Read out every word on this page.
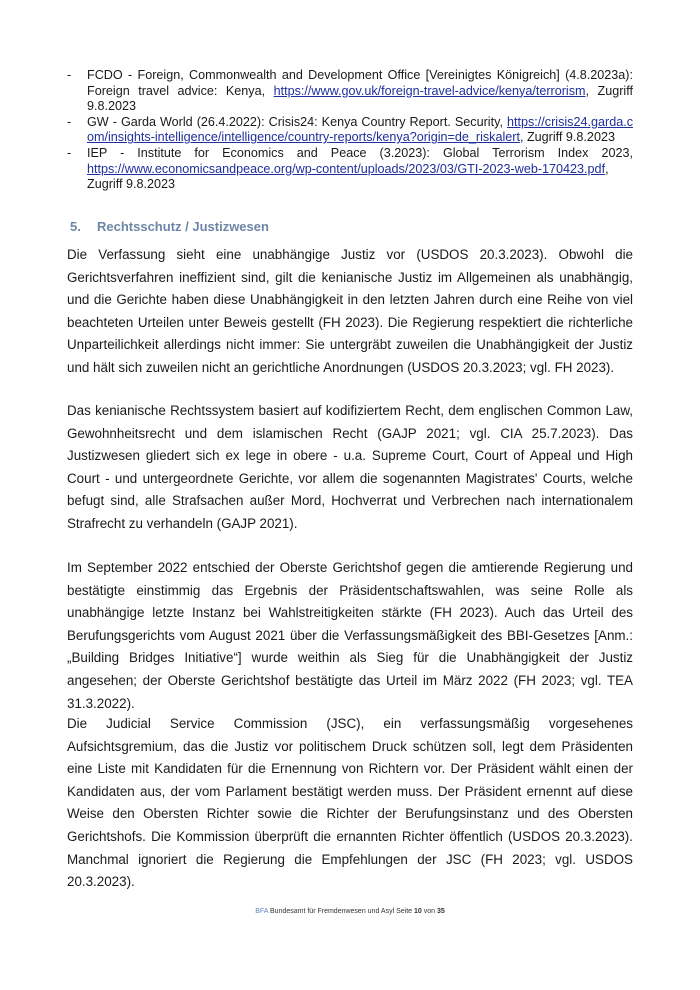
- FCDO - Foreign, Commonwealth and Development Office [Vereinigtes Königreich] (4.8.2023a): Foreign travel advice: Kenya, https://www.gov.uk/foreign-travel-advice/kenya/terrorism, Zugriff 9.8.2023
- GW - Garda World (26.4.2022): Crisis24: Kenya Country Report. Security, https://crisis24.garda.com/insights-intelligence/intelligence/country-reports/kenya?origin=de_riskalert, Zugriff 9.8.2023
- IEP - Institute for Economics and Peace (3.2023): Global Terrorism Index 2023, https://www.economicsandpeace.org/wp-content/uploads/2023/03/GTI-2023-web-170423.pdf, Zugriff 9.8.2023
5. Rechtsschutz / Justizwesen

Die Verfassung sieht eine unabhängige Justiz vor (USDOS 20.3.2023). Obwohl die Gerichtsverfahren ineffizient sind, gilt die kenianische Justiz im Allgemeinen als unabhängig, und die Gerichte haben diese Unabhängigkeit in den letzten Jahren durch eine Reihe von viel beachteten Urteilen unter Beweis gestellt (FH 2023). Die Regierung respektiert die richterliche Unparteilichkeit allerdings nicht immer: Sie untergräbt zuweilen die Unabhängigkeit der Justiz und hält sich zuweilen nicht an gerichtliche Anordnungen (USDOS 20.3.2023; vgl. FH 2023).

Das kenianische Rechtssystem basiert auf kodifiziertem Recht, dem englischen Common Law, Gewohnheitsrecht und dem islamischen Recht (GAJP 2021; vgl. CIA 25.7.2023). Das Justizwesen gliedert sich ex lege in obere - u.a. Supreme Court, Court of Appeal und High Court - und untergeordnete Gerichte, vor allem die sogenannten Magistrates' Courts, welche befugt sind, alle Strafsachen außer Mord, Hochverrat und Verbrechen nach internationalem Strafrecht zu verhandeln (GAJP 2021).

Im September 2022 entschied der Oberste Gerichtshof gegen die amtierende Regierung und bestätigte einstimmig das Ergebnis der Präsidentschaftswahlen, was seine Rolle als unabhängige letzte Instanz bei Wahlstreitigkeiten stärkte (FH 2023). Auch das Urteil des Berufungsgerichts vom August 2021 über die Verfassungsmäßigkeit des BBI-Gesetzes [Anm.: „Building Bridges Initiative“] wurde weithin als Sieg für die Unabhängigkeit der Justiz angesehen; der Oberste Gerichtshof bestätigte das Urteil im März 2022 (FH 2023; vgl. TEA 31.3.2022).

Die Judicial Service Commission (JSC), ein verfassungsmäßig vorgesehenes Aufsichtsgremium, das die Justiz vor politischem Druck schützen soll, legt dem Präsidenten eine Liste mit Kandidaten für die Ernennung von Richtern vor. Der Präsident wählt einen der Kandidaten aus, der vom Parlament bestätigt werden muss. Der Präsident ernennt auf diese Weise den Obersten Richter sowie die Richter der Berufungsinstanz und des Obersten Gerichtshofs. Die Kommission überprüft die ernannten Richter öffentlich (USDOS 20.3.2023). Manchmal ignoriert die Regierung die Empfehlungen der JSC (FH 2023; vgl. USDOS 20.3.2023).

BFA Bundesamt für Fremdenwesen und Asyl Seite 10 von 35
